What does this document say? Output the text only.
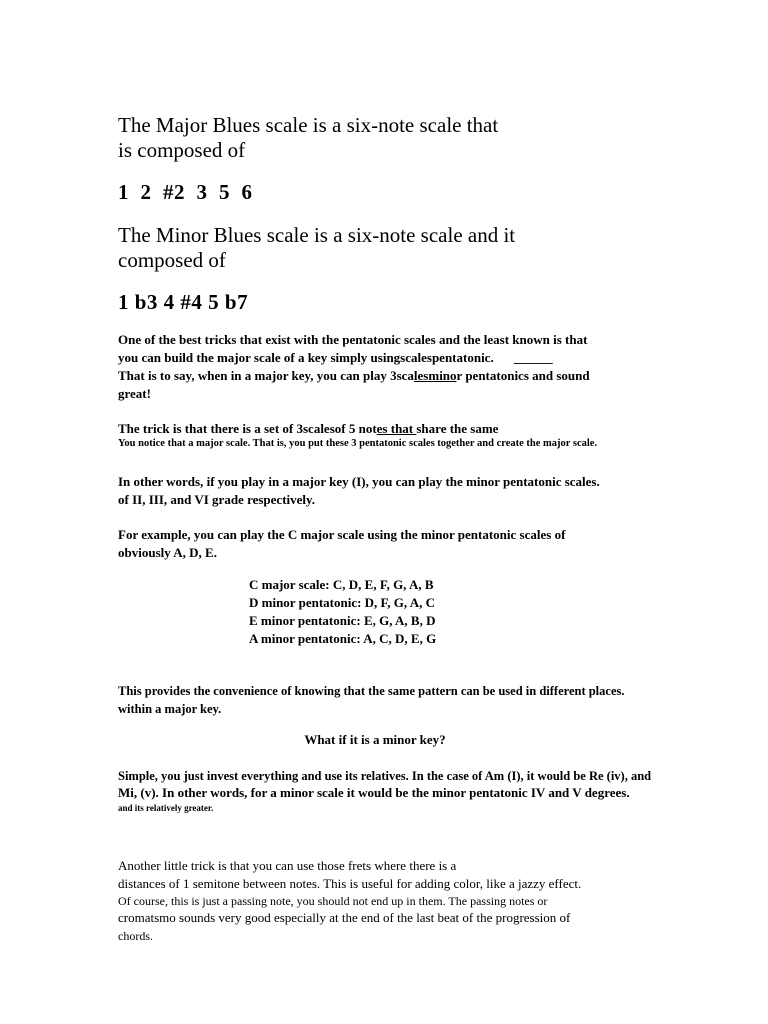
The Major Blues scale is a six-note scale that
is composed of
1  2  #2  3  5  6
The Minor Blues scale is a six-note scale and it
composed of
1 b3 4 #4 5 b7
One of the best tricks that exist with the pentatonic scales and the least known is that
you can build the major scale of a key simply usingscalespentatonic. ______
That is to say, when in a major key, you can play 3scalesminor pentatonics and sound
great!
The trick is that there is a set of 3scalesof 5 notes that share the same
You notice that a major scale. That is, you put these 3 pentatonic scales together and create the major scale.
In other words, if you play in a major key (I), you can play the minor pentatonic scales.
of II, III, and VI grade respectively.
For example, you can play the C major scale using the minor pentatonic scales of
obviously A, D, E.
C major scale: C, D, E, F, G, A, B
D minor pentatonic: D, F, G, A, C
E minor pentatonic: E, G, A, B, D
A minor pentatonic: A, C, D, E, G
This provides the convenience of knowing that the same pattern can be used in different places.
within a major key.
What if it is a minor key?
Simple, you just invest everything and use its relatives. In the case of Am (I), it would be Re (iv), and
Mi, (v). In other words, for a minor scale it would be the minor pentatonic IV and V degrees.
and its relatively greater.
Another little trick is that you can use those frets where there is a
distances of 1 semitone between notes. This is useful for adding color, like a jazzy effect.
Of course, this is just a passing note, you should not end up in them. The passing notes or
cromatsmo sounds very good especially at the end of the last beat of the progression of
chords.
